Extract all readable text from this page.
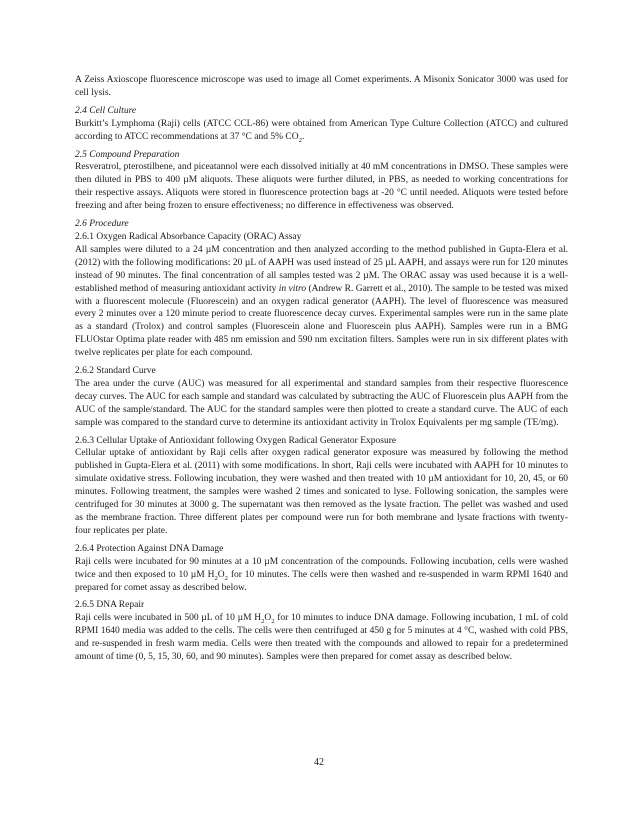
A Zeiss Axioscope fluorescence microscope was used to image all Comet experiments. A Misonix Sonicator 3000 was used for cell lysis.

2.4 Cell Culture

Burkitt’s Lymphoma (Raji) cells (ATCC CCL-86) were obtained from American Type Culture Collection (ATCC) and cultured according to ATCC recommendations at 37 °C and 5% $CO_2$.

2.5 Compound Preparation

Resveratrol, pterostilbene, and piceatannol were each dissolved initially at 40 mM concentrations in DMSO. These samples were then diluted in PBS to 400 µM aliquots. These aliquots were further diluted, in PBS, as needed to working concentrations for their respective assays. Aliquots were stored in fluorescence protection bags at -20 °C until needed. Aliquots were tested before freezing and after being frozen to ensure effectiveness; no difference in effectiveness was observed.

2.6 Procedure

2.6.1 Oxygen Radical Absorbance Capacity (ORAC) Assay

All samples were diluted to a 24 µM concentration and then analyzed according to the method published in Gupta-Elera et al. (2012) with the following modifications: 20 µL of AAPH was used instead of 25 µL AAPH, and assays were run for 120 minutes instead of 90 minutes. The final concentration of all samples tested was 2 µM. The ORAC assay was used because it is a well-established method of measuring antioxidant activity in vitro (Andrew R. Garrett et al., 2010). The sample to be tested was mixed with a fluorescent molecule (Fluorescein) and an oxygen radical generator (AAPH). The level of fluorescence was measured every 2 minutes over a 120 minute period to create fluorescence decay curves. Experimental samples were run in the same plate as a standard (Trolox) and control samples (Fluorescein alone and Fluorescein plus AAPH). Samples were run in a BMG FLUOstar Optima plate reader with 485 nm emission and 590 nm excitation filters. Samples were run in six different plates with twelve replicates per plate for each compound.

2.6.2 Standard Curve

The area under the curve (AUC) was measured for all experimental and standard samples from their respective fluorescence decay curves. The AUC for each sample and standard was calculated by subtracting the AUC of Fluorescein plus AAPH from the AUC of the sample/standard. The AUC for the standard samples were then plotted to create a standard curve. The AUC of each sample was compared to the standard curve to determine its antioxidant activity in Trolox Equivalents per mg sample (TE/mg).

2.6.3 Cellular Uptake of Antioxidant following Oxygen Radical Generator Exposure

Cellular uptake of antioxidant by Raji cells after oxygen radical generator exposure was measured by following the method published in Gupta-Elera et al. (2011) with some modifications. In short, Raji cells were incubated with AAPH for 10 minutes to simulate oxidative stress. Following incubation, they were washed and then treated with 10 µM antioxidant for 10, 20, 45, or 60 minutes. Following treatment, the samples were washed 2 times and sonicated to lyse. Following sonication, the samples were centrifuged for 30 minutes at 3000 g. The supernatant was then removed as the lysate fraction. The pellet was washed and used as the membrane fraction. Three different plates per compound were run for both membrane and lysate fractions with twenty-four replicates per plate.

2.6.4 Protection Against DNA Damage

Raji cells were incubated for 90 minutes at a 10 µM concentration of the compounds. Following incubation, cells were washed twice and then exposed to 10 µM $H_2O_2$ for 10 minutes. The cells were then washed and re-suspended in warm RPMI 1640 and prepared for comet assay as described below.

2.6.5 DNA Repair

Raji cells were incubated in 500 µL of 10 µM $H_2O_2$ for 10 minutes to induce DNA damage. Following incubation, 1 mL of cold RPMI 1640 media was added to the cells. The cells were then centrifuged at 450 g for 5 minutes at 4 °C, washed with cold PBS, and re-suspended in fresh warm media. Cells were then treated with the compounds and allowed to repair for a predetermined amount of time (0, 5, 15, 30, 60, and 90 minutes). Samples were then prepared for comet assay as described below.

42
